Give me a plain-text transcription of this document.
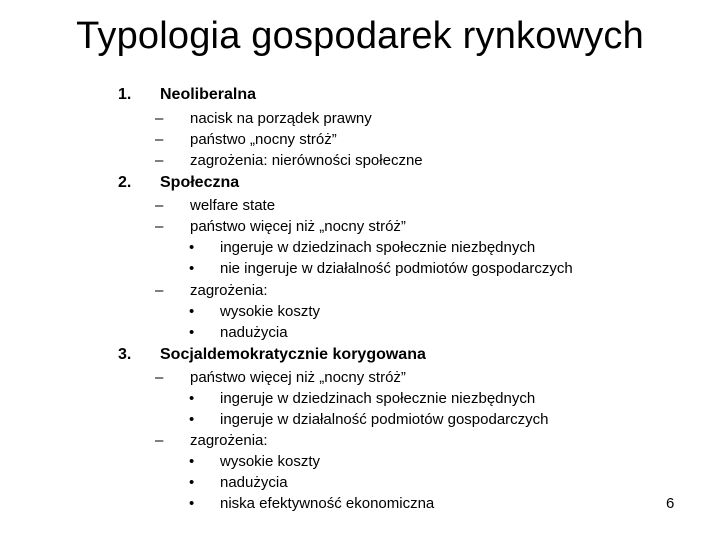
Typologia gospodarek rynkowych
1. Neoliberalna
– nacisk na porządek prawny
– państwo „nocny stróż”
– zagrożenia: nierówności społeczne
2. Społeczna
– welfare state
– państwo więcej niż „nocny stróż”
• ingeruje w dziedzinach społecznie niezbędnych
• nie ingeruje w działalność podmiotów gospodarczych
– zagrożenia:
• wysokie koszty
• nadużycia
3. Socjaldemokratycznie korygowana
– państwo więcej niż „nocny stróż”
• ingeruje w dziedzinach społecznie niezbędnych
• ingeruje w działalność podmiotów gospodarczych
– zagrożenia:
• wysokie koszty
• nadużycia
• niska efektywność ekonomiczna	6
